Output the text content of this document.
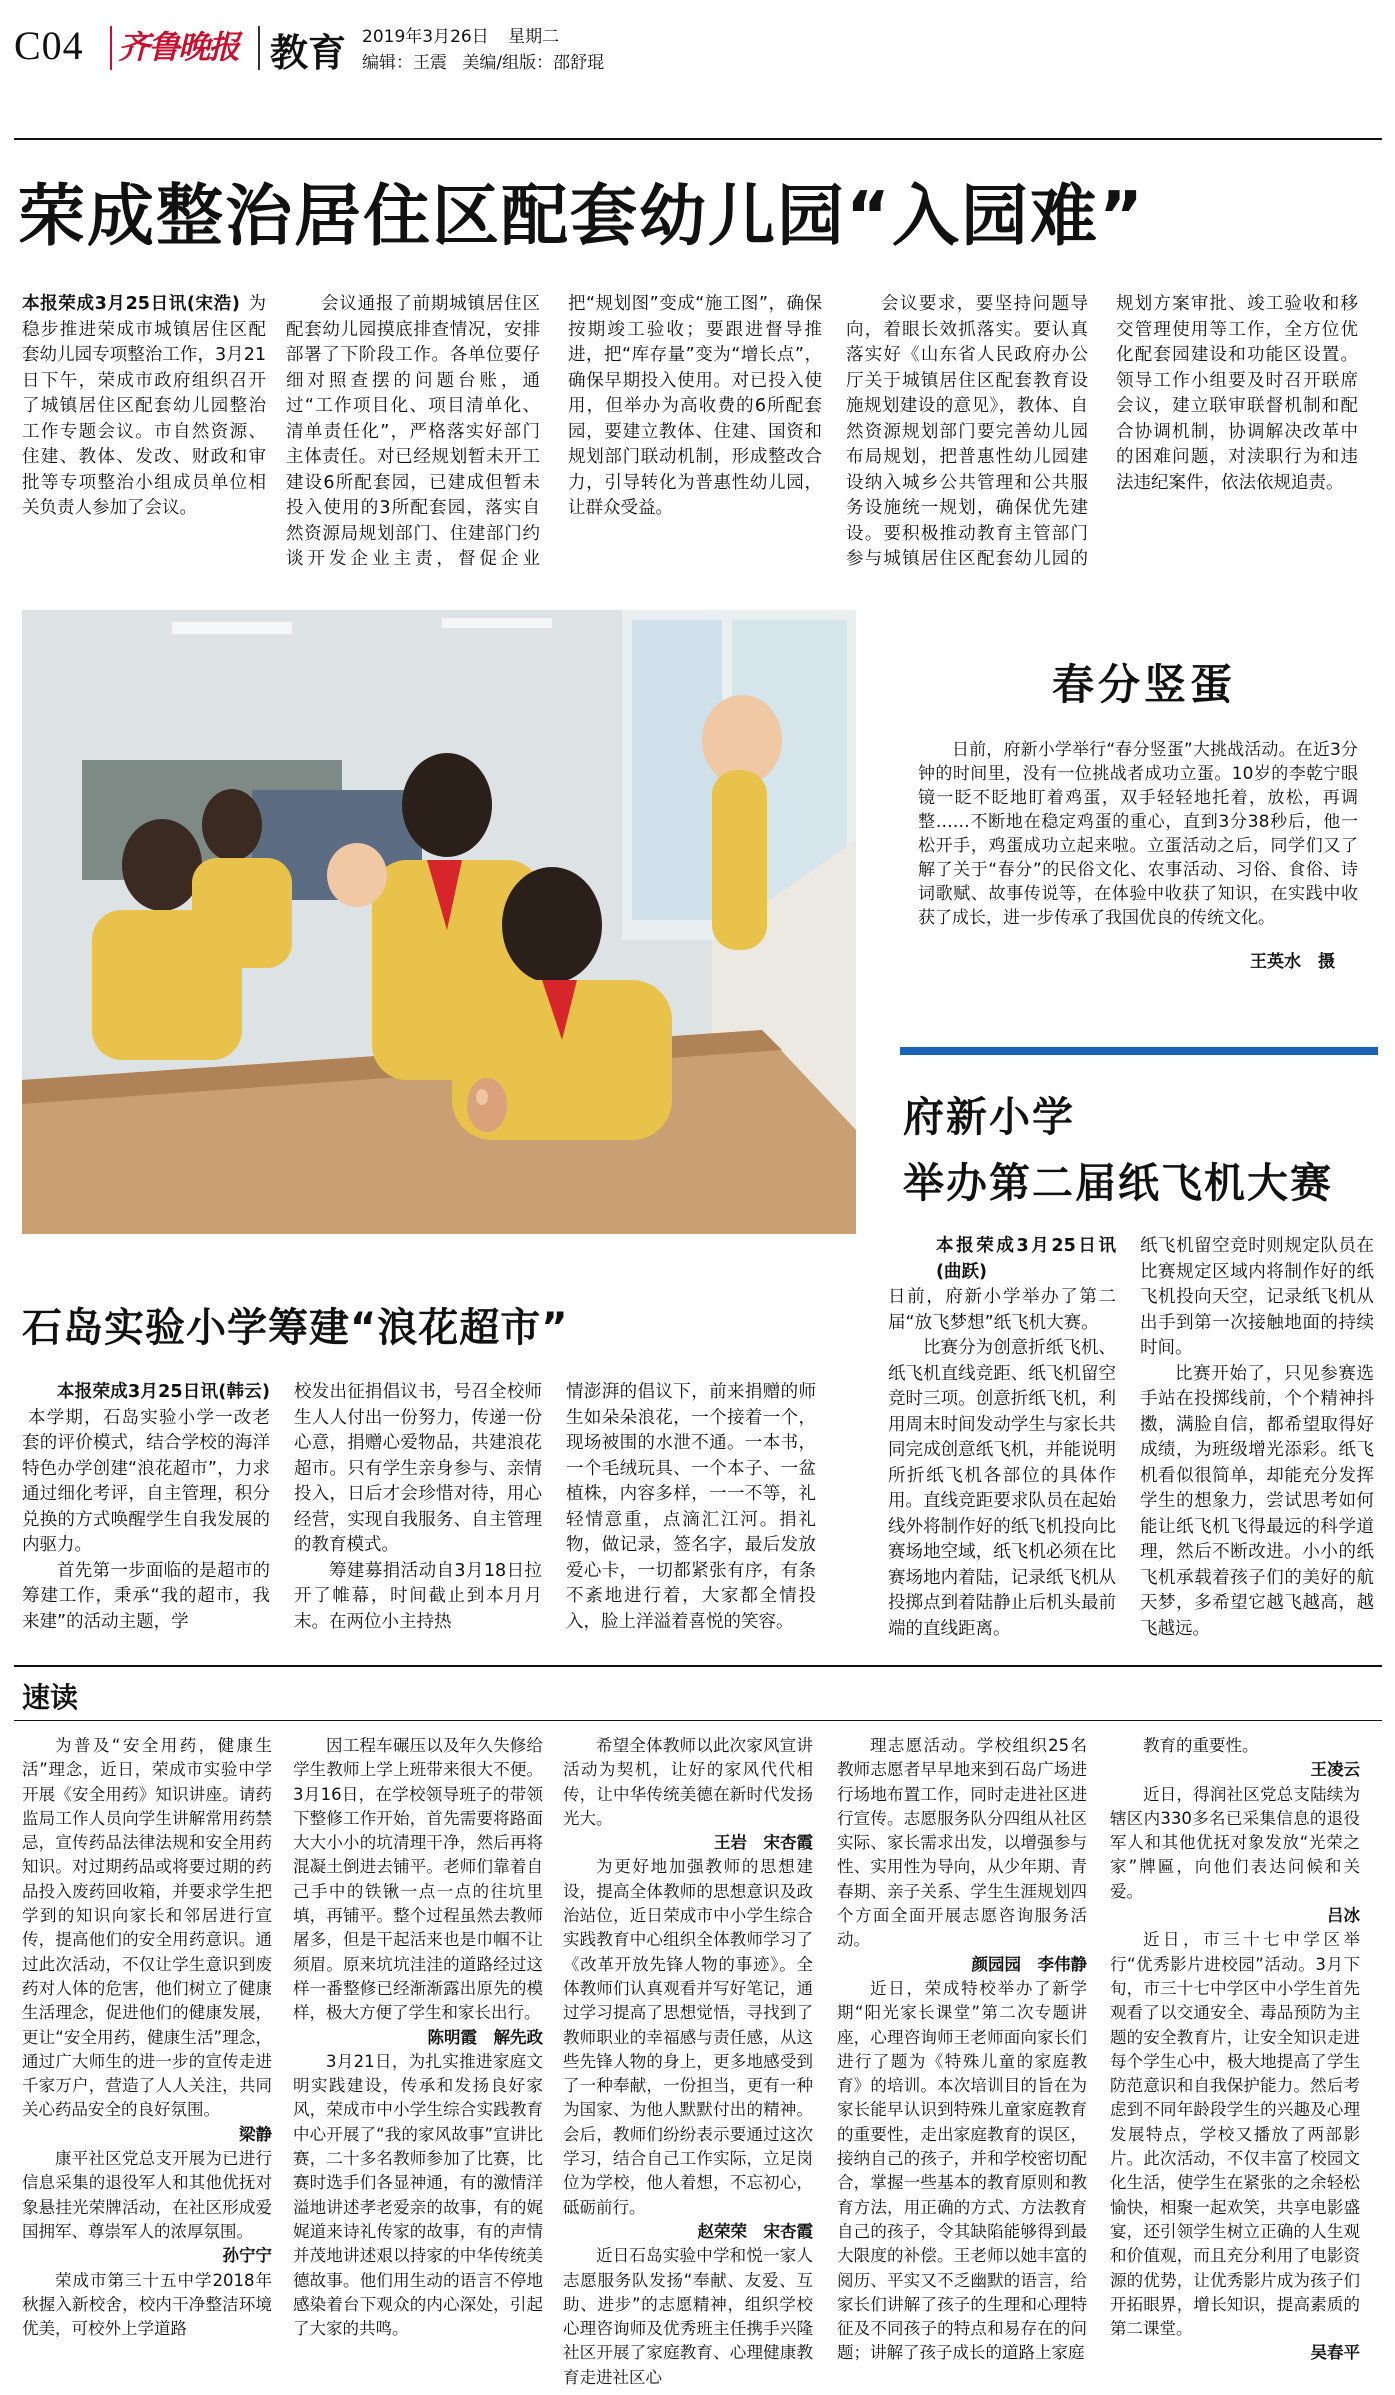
C04 齐鲁晚报 教育 2019年3月26日 星期二
编辑：王震 美编/组版：邵舒琨
荣成整治居住区配套幼儿园“入园难”

本报荣成3月25日讯(宋浩) 为稳步推进荣成市城镇居住区配套幼儿园专项整治工作，3月21日下午，荣成市政府组织召开了城镇居住区配套幼儿园整治工作专题会议。市自然资源、住建、教体、发改、财政和审批等专项整治小组成员单位相关负责人参加了会议。

会议通报了前期城镇居住区配套幼儿园摸底排查情况，安排部署了下阶段工作。各单位要仔细对照查摆的问题台账，通过“工作项目化、项目清单化、清单责任化”，严格落实好部门主体责任。对已经规划暂未开工建设6所配套园，已建成但暂未投入使用的3所配套园，落实自然资源局规划部门、住建部门约谈开发企业主责，督促企业把“规划图”变成“施工图”，确保按期竣工验收；要跟进督导推进，把“库存量”变为“增长点”，确保早期投入使用。对已投入使用，但举办为高收费的6所配套园，要建立教体、住建、国资和规划部门联动机制，形成整改合力，引导转化为普惠性幼儿园，让群众受益。

会议要求，要坚持问题导向，着眼长效抓落实。要认真落实好《山东省人民政府办公厅关于城镇居住区配套教育设施规划建设的意见》，教体、自然资源规划部门要完善幼儿园布局规划，把普惠性幼儿园建设纳入城乡公共管理和公共服务设施统一规划，确保优先建设。要积极推动教育主管部门参与城镇居住区配套幼儿园的规划方案审批、竣工验收和移交管理使用等工作，全方位优化配套园建设和功能区设置。领导工作小组要及时召开联席会议，建立联审联督机制和配合协调机制，协调解决改革中的困难问题，对渎职行为和违法违纪案件，依法依规追责。

春分竖蛋

日前，府新小学举行“春分竖蛋”大挑战活动。在近3分钟的时间里，没有一位挑战者成功立蛋。10岁的李乾宁眼镜一眨不眨地盯着鸡蛋，双手轻轻地托着，放松，再调整……不断地在稳定鸡蛋的重心，直到3分38秒后，他一松开手，鸡蛋成功立起来啦。立蛋活动之后，同学们又了解了关于“春分”的民俗文化、农事活动、习俗、食俗、诗词歌赋、故事传说等，在体验中收获了知识，在实践中收获了成长，进一步传承了我国优良的传统文化。

王英水　摄
府新小学
举办第二届纸飞机大赛

本报荣成3月25日讯(曲跃)

日前，府新小学举办了第二届“放飞梦想”纸飞机大赛。

比赛分为创意折纸飞机、纸飞机直线竞距、纸飞机留空竞时三项。创意折纸飞机，利用周末时间发动学生与家长共同完成创意纸飞机，并能说明所折纸飞机各部位的具体作用。直线竞距要求队员在起始线外将制作好的纸飞机投向比赛场地空域，纸飞机必须在比赛场地内着陆，记录纸飞机从投掷点到着陆静止后机头最前端的直线距离。

纸飞机留空竞时则规定队员在比赛规定区域内将制作好的纸飞机投向天空，记录纸飞机从出手到第一次接触地面的持续时间。

比赛开始了，只见参赛选手站在投掷线前，个个精神抖擞，满脸自信，都希望取得好成绩，为班级增光添彩。纸飞机看似很简单，却能充分发挥学生的想象力，尝试思考如何能让纸飞机飞得最远的科学道理，然后不断改进。小小的纸飞机承载着孩子们的美好的航天梦，多希望它越飞越高，越飞越远。

石岛实验小学筹建“浪花超市”

本报荣成3月25日讯(韩云)本学期，石岛实验小学一改老套的评价模式，结合学校的海洋特色办学创建“浪花超市”，力求通过细化考评，自主管理，积分兑换的方式唤醒学生自我发展的内驱力。

首先第一步面临的是超市的筹建工作，秉承“我的超市，我来建”的活动主题，学

校发出征捐倡议书，号召全校师生人人付出一份努力，传递一份心意，捐赠心爱物品，共建浪花超市。只有学生亲身参与、亲情投入，日后才会珍惜对待，用心经营，实现自我服务、自主管理的教育模式。

筹建募捐活动自3月18日拉开了帷幕，时间截止到本月月末。在两位小主持热

情澎湃的倡议下，前来捐赠的师生如朵朵浪花，一个接着一个，现场被围的水泄不通。一本书，一个毛绒玩具、一个本子、一盆植株，内容多样，一一不等，礼轻情意重，点滴汇江河。捐礼物，做记录，签名字，最后发放爱心卡，一切都紧张有序，有条不紊地进行着，大家都全情投入，脸上洋溢着喜悦的笑容。

速读

为普及“安全用药，健康生活”理念，近日，荣成市实验中学开展《安全用药》知识讲座。请药监局工作人员向学生讲解常用药禁忌，宣传药品法律法规和安全用药知识。对过期药品或将要过期的药品投入废药回收箱，并要求学生把学到的知识向家长和邻居进行宣传，提高他们的安全用药意识。通过此次活动，不仅让学生意识到废药对人体的危害，他们树立了健康生活理念，促进他们的健康发展，更让“安全用药，健康生活”理念，通过广大师生的进一步的宣传走进千家万户，营造了人人关注，共同关心药品安全的良好氛围。

梁静

康平社区党总支开展为已进行信息采集的退役军人和其他优抚对象悬挂光荣牌活动，在社区形成爱国拥军、尊崇军人的浓厚氛围。

孙宁宁

荣成市第三十五中学2018年秋握入新校舍，校内干净整洁环境优美，可校外上学道路

因工程车碾压以及年久失修给学生教师上学上班带来很大不便。3月16日，在学校领导班子的带领下整修工作开始，首先需要将路面大大小小的坑清理干净，然后再将混凝土倒进去铺平。老师们靠着自己手中的铁锹一点一点的往坑里填，再铺平。整个过程虽然去教师屠多，但是干起活来也是巾帼不让须眉。原来坑坑洼洼的道路经过这样一番整修已经渐渐露出原先的模样，极大方便了学生和家长出行。

陈明霞　解先政

3月21日，为扎实推进家庭文明实践建设，传承和发扬良好家风，荣成市中小学生综合实践教育中心开展了“我的家风故事”宣讲比赛，二十多名教师参加了比赛，比赛时选手们各显神通，有的激情洋溢地讲述孝老爱亲的故事，有的娓娓道来诗礼传家的故事，有的声情并茂地讲述艰以持家的中华传统美德故事。他们用生动的语言不停地感染着台下观众的内心深处，引起了大家的共鸣。

希望全体教师以此次家风宣讲活动为契机，让好的家风代代相传，让中华传统美德在新时代发扬光大。

王岩　宋杏霞

为更好地加强教师的思想建设，提高全体教师的思想意识及政治站位，近日荣成市中小学生综合实践教育中心组织全体教师学习了《改革开放先锋人物的事迹》。全体教师们认真观看并写好笔记，通过学习提高了思想觉悟，寻找到了教师职业的幸福感与责任感，从这些先锋人物的身上，更多地感受到了一种奉献，一份担当，更有一种为国家、为他人默默付出的精神。会后，教师们纷纷表示要通过这次学习，结合自己工作实际，立足岗位为学校，他人着想，不忘初心，砥砺前行。

赵荣荣　宋杏霞

近日石岛实验中学和悦一家人志愿服务队发扬“奉献、友爱、互助、进步”的志愿精神，组织学校心理咨询师及优秀班主任携手兴隆社区开展了家庭教育、心理健康教育走进社区心

理志愿活动。学校组织25名教师志愿者早早地来到石岛广场进行场地布置工作，同时走进社区进行宣传。志愿服务队分四组从社区实际、家长需求出发，以增强参与性、实用性为导向，从少年期、青春期、亲子关系、学生生涯规划四个方面全面开展志愿咨询服务活动。

颜园园　李伟静

近日，荣成特校举办了新学期“阳光家长课堂”第二次专题讲座，心理咨询师王老师面向家长们进行了题为《特殊儿童的家庭教育》的培训。本次培训目的旨在为家长能早认识到特殊儿童家庭教育的重要性，走出家庭教育的误区，接纳自己的孩子，并和学校密切配合，掌握一些基本的教育原则和教育方法，用正确的方式、方法教育自己的孩子，令其缺陷能够得到最大限度的补偿。王老师以她丰富的阅历、平实又不乏幽默的语言，给家长们讲解了孩子的生理和心理特征及不同孩子的特点和易存在的问题；讲解了孩子成长的道路上家庭

教育的重要性。

王凌云

近日，得润社区党总支陆续为辖区内330多名已采集信息的退役军人和其他优抚对象发放“光荣之家”牌匾，向他们表达问候和关爱。

吕冰

近日，市三十七中学区举行“优秀影片进校园”活动。3月下旬，市三十七中学区中小学生首先观看了以交通安全、毒品预防为主题的安全教育片，让安全知识走进每个学生心中，极大地提高了学生防范意识和自我保护能力。然后考虑到不同年龄段学生的兴趣及心理发展特点，学校又播放了两部影片。此次活动，不仅丰富了校园文化生活，使学生在紧张的之余轻松愉快，相聚一起欢笑，共享电影盛宴，还引领学生树立正确的人生观和价值观，而且充分利用了电影资源的优势，让优秀影片成为孩子们开拓眼界，增长知识，提高素质的第二课堂。

吴春平
